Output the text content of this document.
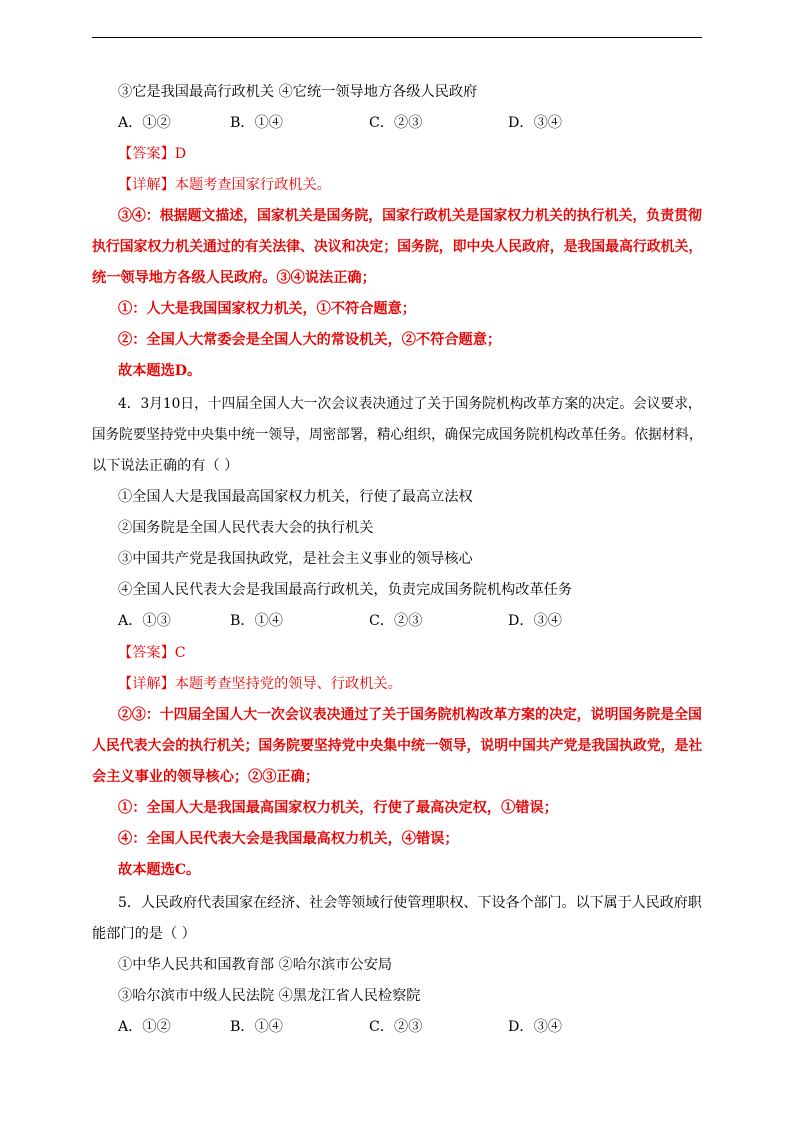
③它是我国最高行政机关 ④它统一领导地方各级人民政府
A．①②	B．①④	C．②③	D．③④
【答案】D
【详解】本题考查国家行政机关。
③④：根据题文描述，国家机关是国务院，国家行政机关是国家权力机关的执行机关，负责贯彻
执行国家权力机关通过的有关法律、决议和决定；国务院，即中央人民政府，是我国最高行政机关，
统一领导地方各级人民政府。③④说法正确；
①：人大是我国国家权力机关，①不符合题意；
②：全国人大常委会是全国人大的常设机关，②不符合题意；
故本题选D。
4．3月10日，十四届全国人大一次会议表决通过了关于国务院机构改革方案的决定。会议要求，
国务院要坚持党中央集中统一领导，周密部署，精心组织，确保完成国务院机构改革任务。依据材料，
以下说法正确的有（ ）
①全国人大是我国最高国家权力机关，行使了最高立法权
②国务院是全国人民代表大会的执行机关
③中国共产党是我国执政党，是社会主义事业的领导核心
④全国人民代表大会是我国最高行政机关，负责完成国务院机构改革任务
A．①③	B．①④	C．②③	D．③④
【答案】C
【详解】本题考查坚持党的领导、行政机关。
②③：十四届全国人大一次会议表决通过了关于国务院机构改革方案的决定，说明国务院是全国
人民代表大会的执行机关；国务院要坚持党中央集中统一领导，说明中国共产党是我国执政党，是社
会主义事业的领导核心；②③正确；
①：全国人大是我国最高国家权力机关，行使了最高决定权，①错误；
④：全国人民代表大会是我国最高权力机关，④错误；
故本题选C。
5．人民政府代表国家在经济、社会等领域行使管理职权、下设各个部门。以下属于人民政府职
能部门的是（ ）
①中华人民共和国教育部 ②哈尔滨市公安局
③哈尔滨市中级人民法院 ④黑龙江省人民检察院
A．①②	B．①④	C．②③	D．③④
